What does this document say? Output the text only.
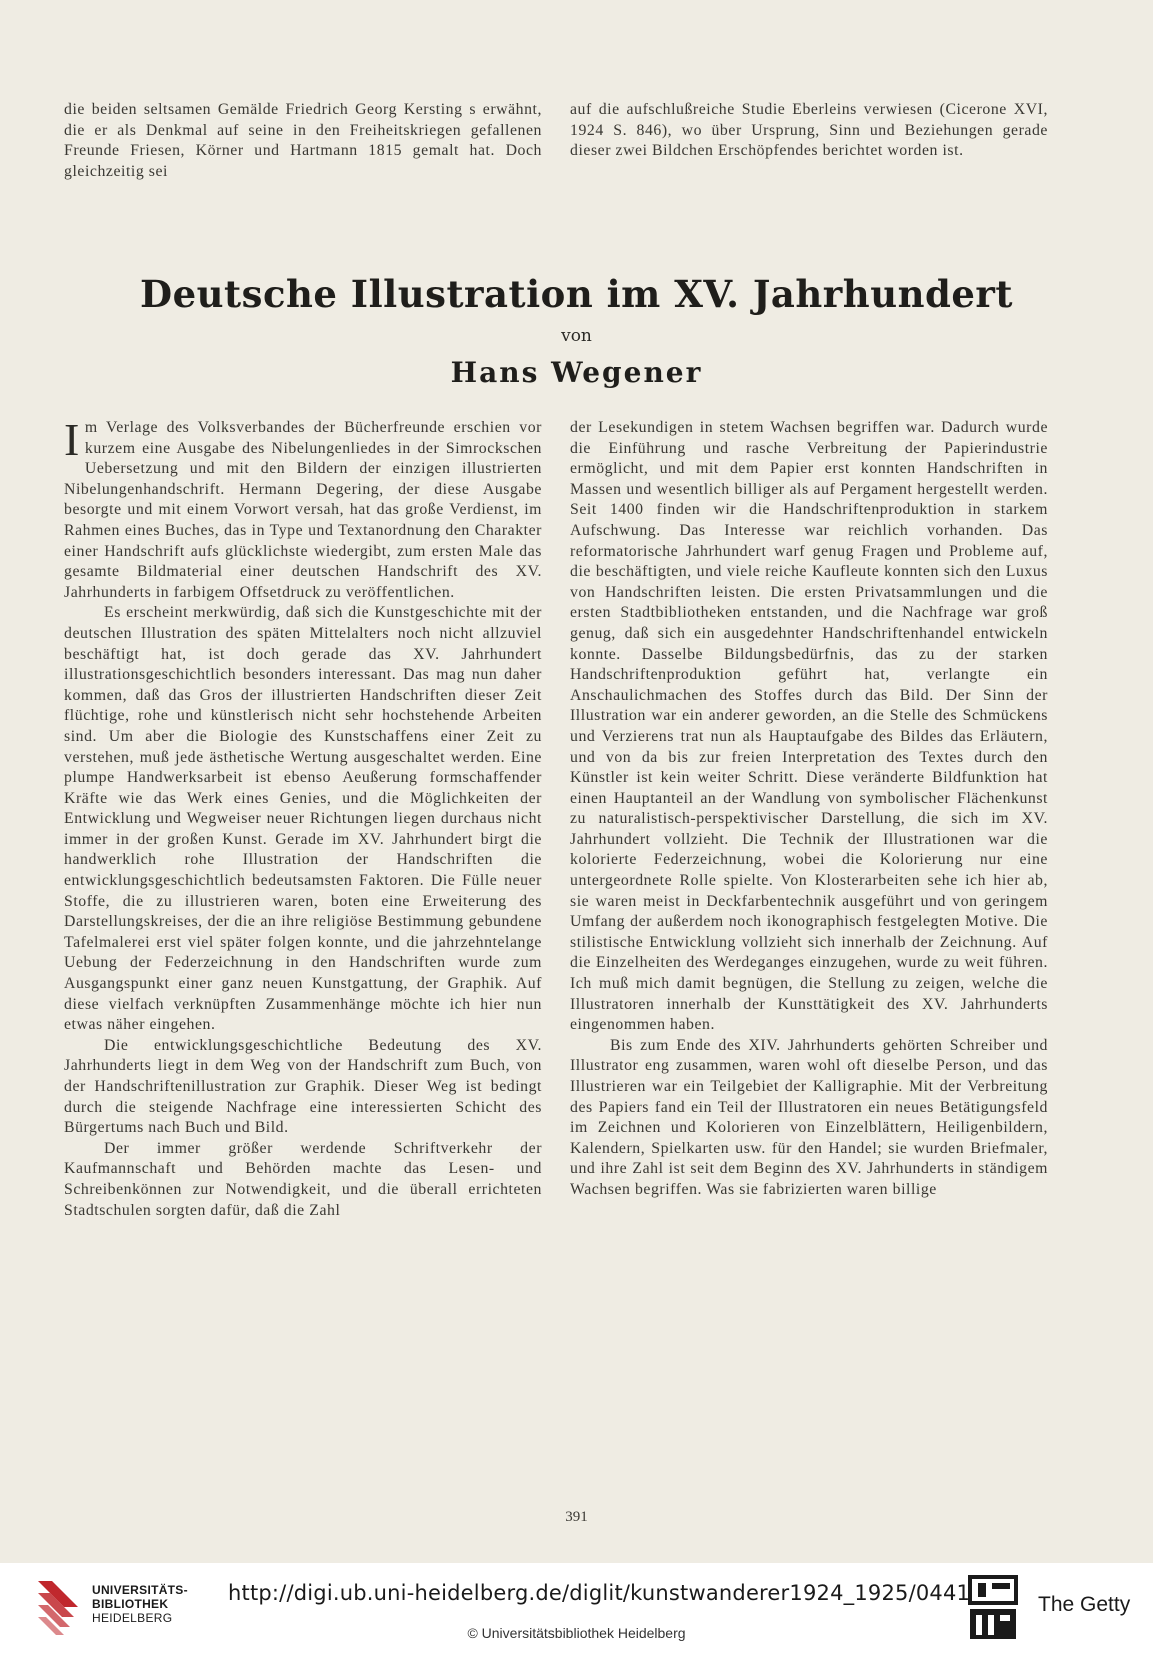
die beiden seltsamen Gemälde Friedrich Georg Kersting s erwähnt, die er als Denkmal auf seine in den Freiheitskriegen gefallenen Freunde Friesen, Körner und Hartmann 1815 gemalt hat. Doch gleichzeitig sei

auf die aufschlußreiche Studie Eberleins verwiesen (Cicerone XVI, 1924 S. 846), wo über Ursprung, Sinn und Beziehungen gerade dieser zwei Bildchen Erschöpfendes berichtet worden ist.

Deutsche Illustration im XV. Jahrhundert
von
Hans Wegener

Im Verlage des Volksverbandes der Bücherfreunde erschien vor kurzem eine Ausgabe des Nibelungenliedes in der Simrockschen Uebersetzung und mit den Bildern der einzigen illustrierten Nibelungenhandschrift. Hermann Degering, der diese Ausgabe besorgte und mit einem Vorwort versah, hat das große Verdienst, im Rahmen eines Buches, das in Type und Textanordnung den Charakter einer Handschrift aufs glücklichste wiedergibt, zum ersten Male das gesamte Bildmaterial einer deutschen Handschrift des XV. Jahrhunderts in farbigem Offsetdruck zu veröffentlichen.

Es erscheint merkwürdig, daß sich die Kunstgeschichte mit der deutschen Illustration des späten Mittelalters noch nicht allzuviel beschäftigt hat, ist doch gerade das XV. Jahrhundert illustrationsgeschichtlich besonders interessant. Das mag nun daher kommen, daß das Gros der illustrierten Handschriften dieser Zeit flüchtige, rohe und künstlerisch nicht sehr hochstehende Arbeiten sind. Um aber die Biologie des Kunstschaffens einer Zeit zu verstehen, muß jede ästhetische Wertung ausgeschaltet werden. Eine plumpe Handwerksarbeit ist ebenso Aeußerung formschaffender Kräfte wie das Werk eines Genies, und die Möglichkeiten der Entwicklung und Wegweiser neuer Richtungen liegen durchaus nicht immer in der großen Kunst. Gerade im XV. Jahrhundert birgt die handwerklich rohe Illustration der Handschriften die entwicklungsgeschichtlich bedeutsamsten Faktoren. Die Fülle neuer Stoffe, die zu illustrieren waren, boten eine Erweiterung des Darstellungskreises, der die an ihre religiöse Bestimmung gebundene Tafelmalerei erst viel später folgen konnte, und die jahrzehntelange Uebung der Federzeichnung in den Handschriften wurde zum Ausgangspunkt einer ganz neuen Kunstgattung, der Graphik. Auf diese vielfach verknüpften Zusammenhänge möchte ich hier nun etwas näher eingehen.

Die entwicklungsgeschichtliche Bedeutung des XV. Jahrhunderts liegt in dem Weg von der Handschrift zum Buch, von der Handschriftenillustration zur Graphik. Dieser Weg ist bedingt durch die steigende Nachfrage eine interessierten Schicht des Bürgertums nach Buch und Bild.

Der immer größer werdende Schriftverkehr der Kaufmannschaft und Behörden machte das Lesen- und Schreibenkönnen zur Notwendigkeit, und die überall errichteten Stadtschulen sorgten dafür, daß die Zahl

der Lesekundigen in stetem Wachsen begriffen war. Dadurch wurde die Einführung und rasche Verbreitung der Papierindustrie ermöglicht, und mit dem Papier erst konnten Handschriften in Massen und wesentlich billiger als auf Pergament hergestellt werden. Seit 1400 finden wir die Handschriftenproduktion in starkem Aufschwung. Das Interesse war reichlich vorhanden. Das reformatorische Jahrhundert warf genug Fragen und Probleme auf, die beschäftigten, und viele reiche Kaufleute konnten sich den Luxus von Handschriften leisten. Die ersten Privatsammlungen und die ersten Stadtbibliotheken entstanden, und die Nachfrage war groß genug, daß sich ein ausgedehnter Handschriftenhandel entwickeln konnte. Dasselbe Bildungsbedürfnis, das zu der starken Handschriftenproduktion geführt hat, verlangte ein Anschaulichmachen des Stoffes durch das Bild. Der Sinn der Illustration war ein anderer geworden, an die Stelle des Schmückens und Verzierens trat nun als Hauptaufgabe des Bildes das Erläutern, und von da bis zur freien Interpretation des Textes durch den Künstler ist kein weiter Schritt. Diese veränderte Bildfunktion hat einen Hauptanteil an der Wandlung von symbolischer Flächenkunst zu naturalistisch-perspektivischer Darstellung, die sich im XV. Jahrhundert vollzieht. Die Technik der Illustrationen war die kolorierte Federzeichnung, wobei die Kolorierung nur eine untergeordnete Rolle spielte. Von Klosterarbeiten sehe ich hier ab, sie waren meist in Deckfarbentechnik ausgeführt und von geringem Umfang der außerdem noch ikonographisch festgelegten Motive. Die stilistische Entwicklung vollzieht sich innerhalb der Zeichnung. Auf die Einzelheiten des Werdeganges einzugehen, wurde zu weit führen. Ich muß mich damit begnügen, die Stellung zu zeigen, welche die Illustratoren innerhalb der Kunsttätigkeit des XV. Jahrhunderts eingenommen haben.

Bis zum Ende des XIV. Jahrhunderts gehörten Schreiber und Illustrator eng zusammen, waren wohl oft dieselbe Person, und das Illustrieren war ein Teilgebiet der Kalligraphie. Mit der Verbreitung des Papiers fand ein Teil der Illustratoren ein neues Betätigungsfeld im Zeichnen und Kolorieren von Einzelblättern, Heiligenbildern, Kalendern, Spielkarten usw. für den Handel; sie wurden Briefmaler, und ihre Zahl ist seit dem Beginn des XV. Jahrhunderts in ständigem Wachsen begriffen. Was sie fabrizierten waren billige

391
UNIVERSITÄTS-
BIBLIOTHEK
HEIDELBERG
http://digi.ub.uni-heidelberg.de/diglit/kunstwanderer1924_1925/0441
© Universitätsbibliothek Heidelberg
The Getty
